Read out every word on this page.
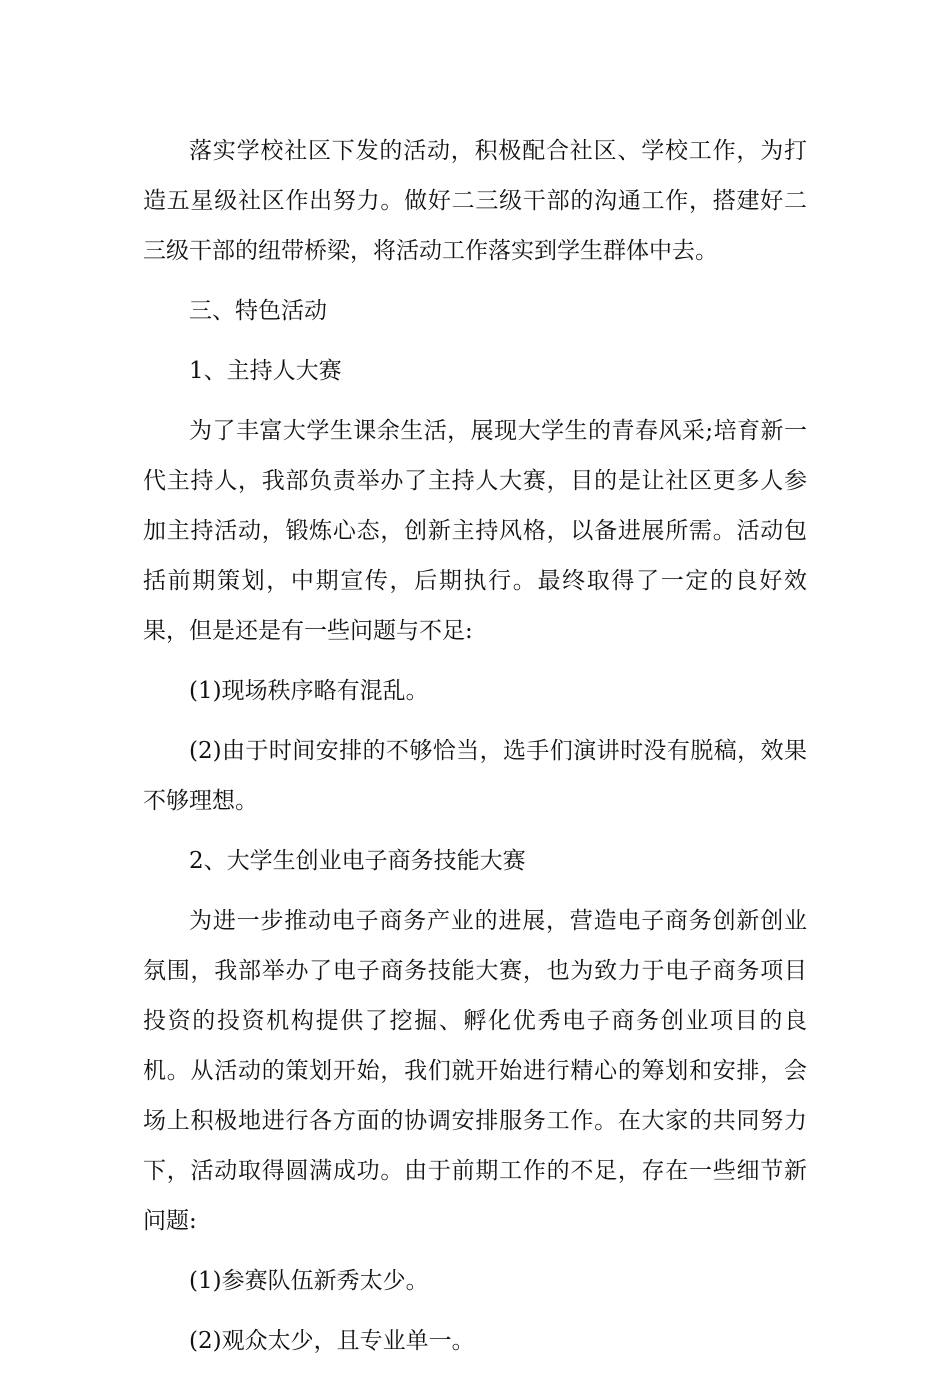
落实学校社区下发的活动，积极配合社区、学校工作，为打造五星级社区作出努力。做好二三级干部的沟通工作，搭建好二三级干部的纽带桥梁，将活动工作落实到学生群体中去。

三、特色活动

1、主持人大赛

为了丰富大学生课余生活，展现大学生的青春风采;培育新一代主持人，我部负责举办了主持人大赛，目的是让社区更多人参加主持活动，锻炼心态，创新主持风格，以备进展所需。活动包括前期策划，中期宣传，后期执行。最终取得了一定的良好效果，但是还是有一些问题与不足:

(1)现场秩序略有混乱。

(2)由于时间安排的不够恰当，选手们演讲时没有脱稿，效果不够理想。

2、大学生创业电子商务技能大赛

为进一步推动电子商务产业的进展，营造电子商务创新创业氛围，我部举办了电子商务技能大赛，也为致力于电子商务项目投资的投资机构提供了挖掘、孵化优秀电子商务创业项目的良机。从活动的策划开始，我们就开始进行精心的筹划和安排，会场上积极地进行各方面的协调安排服务工作。在大家的共同努力下，活动取得圆满成功。由于前期工作的不足，存在一些细节新问题:

(1)参赛队伍新秀太少。

(2)观众太少，且专业单一。
